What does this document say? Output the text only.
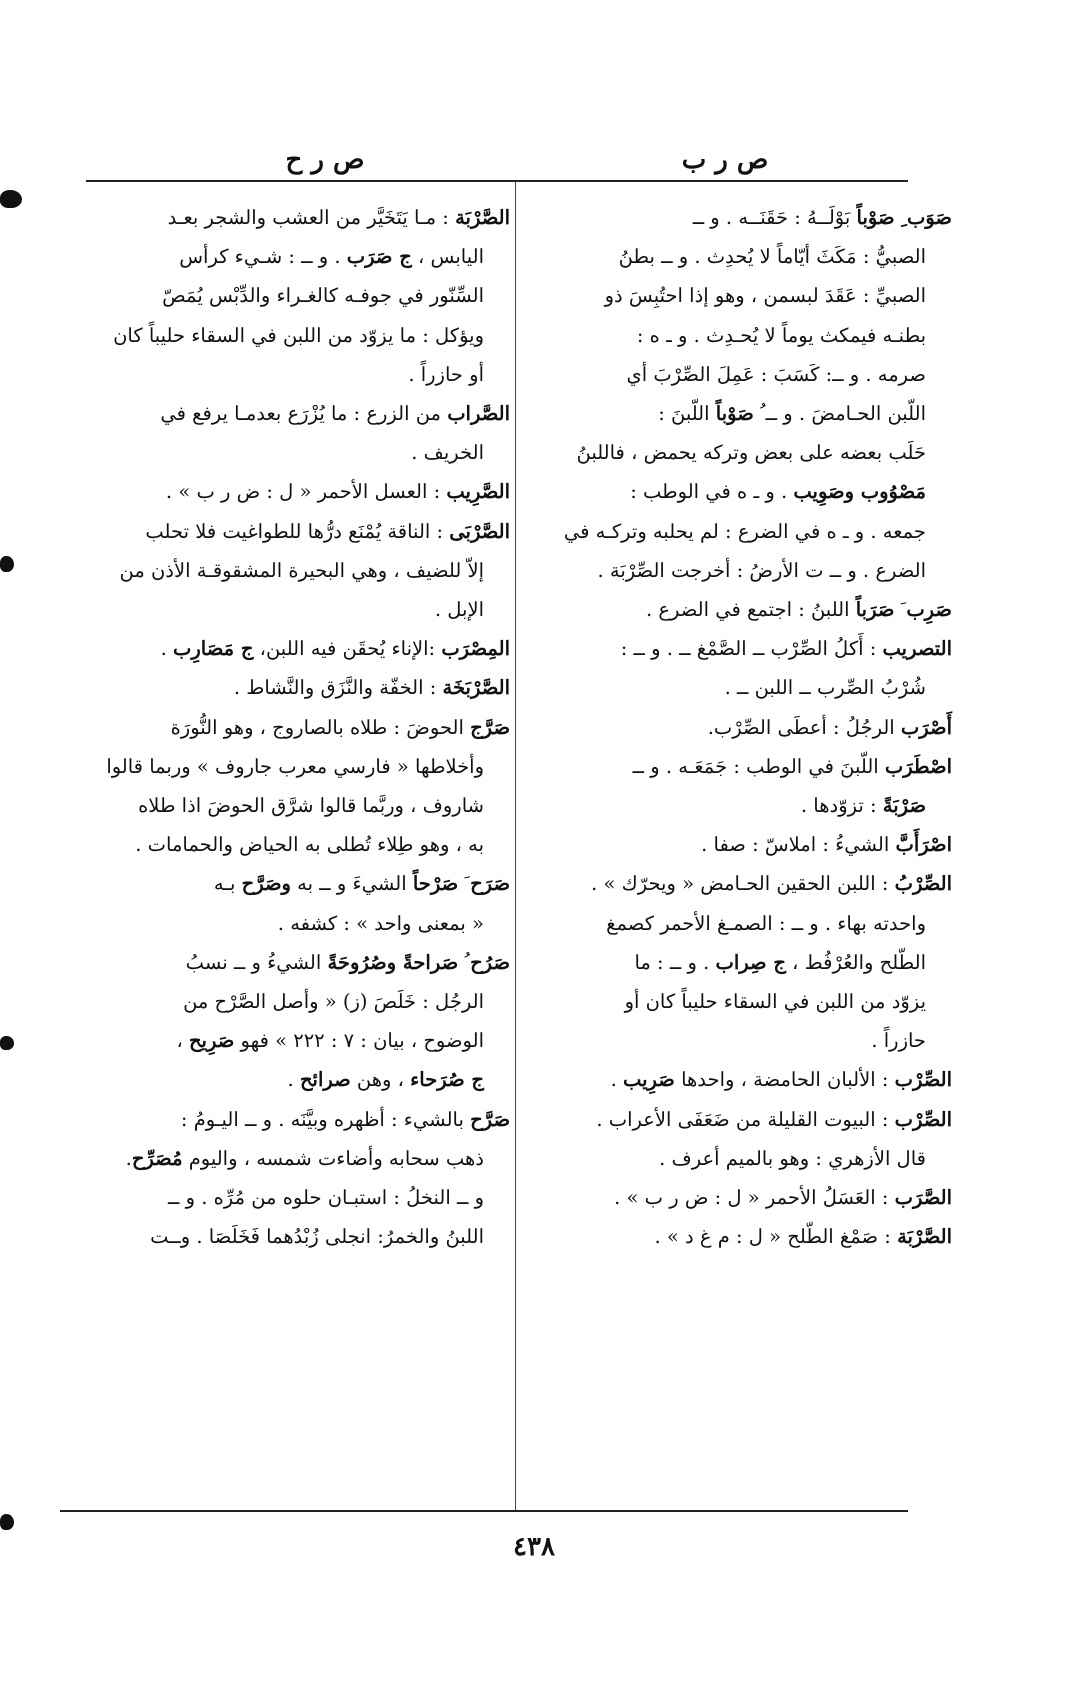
ص ر ب
ص ر ح
صَوَب ِ صَوْباً بَوْلَــهُ : حَقَنَــه . و ــ
الصبيُّ : مَكَثَ أيّاماً لا يُحدِث . و ــ بطنُ
الصبيِّ : عَقَدَ لبسمن ، وهو إذا احتُبِسَ ذو
بطنـه فيمكث يوماً لا يُحـدِث . و ـ ه :
صرمه . و ــ: كَسَبَ : عَمِلَ الصِّرْبَ أي
اللّبن الحـامضَ . و ــ ُ صَوْباً اللّبنَ :
حَلَب بعضه على بعض وتركه يحمض ، فاللبنُ
مَصْوُوب وصَوِيب . و ـ ه في الوطب :
جمعه . و ـ ه في الضرع : لم يحلبه وتركـه في
الضرع . و ــ ت الأرضُ : أخرجت الصِّرْبَة .
صَرِب َ صَرَباً اللبنُ : اجتمع في الضرع .
التصريب : أَكلُ الصِّرْب ــ الصَّمْغ ــ . و ــ :
شُرْبُ الصِّرب ــ اللبن ــ .
أَصْرَب الرجُلُ : أعطَى الصِّرْب.
اصْطَرَب اللّبنَ في الوطب : جَمَعَـه . و ــ
صَرْبَةً : تزوّدها .
اصْرَأَبَّ الشيءُ : املاسّ : صفا .
الصِّرْبُ : اللبن الحقين الحـامض « ويحرّك » .
واحدته بهاء . و ــ : الصمـغ الأحمر كصمغ
الطّلح والعُرْفُط ، ج صِراب . و ــ : ما
يزوّد من اللبن في السقاء حليباً كان أو
حازراً .
الصِّرْب : الألبان الحامضة ، واحدها صَرِيب .
الصِّرْب : البيوت القليلة من ضَعَفَى الأعراب .
قال الأزهري : وهو بالميم أعرف .
الصَّرَب : العَسَلُ الأحمر « ل : ض ر ب » .
الصَّرْبَة : صَمْغ الطّلح « ل : م غ د » .
الصَّرْبَة : مـا يَتَخَيَّر من العشب والشجر بعـد
اليابس ، ج صَرَب . و ــ : شـيء كرأس
السِّنّور في جوفـه كالغـراء والدِّبْس يُمَصّ
ويؤكل : ما يزوّد من اللبن في السقاء حليباً كان
أو حازراً .
الصَّراب من الزرع : ما يُزْرَع بعدمـا يرفع في
الخريف .
الصَّرِيب : العسل الأحمر « ل : ض ر ب » .
الصَّرْبَى : الناقة يُمْنَع درُّها للطواغيت فلا تحلب
إلاّ للضيف ، وهي البحيرة المشقوقـة الأذن من
الإبل .
المِصْرَب :الإناء يُحقَن فيه اللبن، ج مَصَارِب .
الصَّرْبَخَة : الخفّة والنَّزَق والنَّشاط .
صَرَّج الحوضَ : طلاه بالصاروج ، وهو النُّورَة
وأخلاطها « فارسي معرب جاروف » وربما قالوا
شاروف ، وربَّما قالوا شرَّق الحوضَ اذا طلاه
به ، وهو طِلاء تُطلى به الحياض والحمامات .
صَرَح َ صَرْحاً الشيءَ و ــ به وصَرَّح بـه
« بمعنى واحد » : كشفه .
صَرُح ُ صَراحةً وصُرُوحَةً الشيءُ و ــ نسبُ
الرجُل : خَلَصَ (ز) « وأصل الصَّرْح من
الوضوح ، بيان : ٧ : ٢٢٢ » فهو صَرِيح ،
ج صُرَحاء ، وهن صرائح .
صَرَّح بالشيء : أظهره وبيَّنَه . و ــ اليـومُ :
ذهب سحابه وأضاءت شمسه ، واليوم مُصَرِّح.
و ــ النخلُ : استبـان حلوه من مُرِّه . و ــ
اللبنُ والخمرُ: انجلى زُبْدُهما فَخَلَصَا . وــت
٤٣٨
